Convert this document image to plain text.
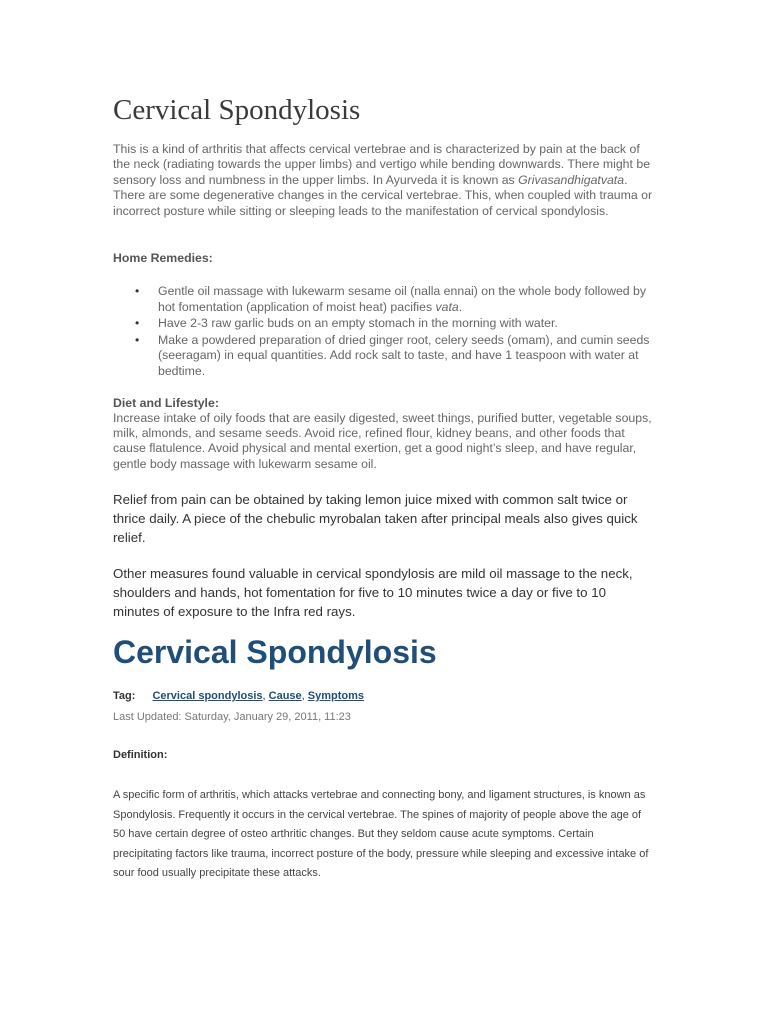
Cervical Spondylosis

This is a kind of arthritis that affects cervical vertebrae and is characterized by pain at the back of the neck (radiating towards the upper limbs) and vertigo while bending downwards. There might be sensory loss and numbness in the upper limbs. In Ayurveda it is known as Grivasandhigatvata. There are some degenerative changes in the cervical vertebrae. This, when coupled with trauma or incorrect posture while sitting or sleeping leads to the manifestation of cervical spondylosis.

Home Remedies:

• Gentle oil massage with lukewarm sesame oil (nalla ennai) on the whole body followed by hot fomentation (application of moist heat) pacifies vata.
• Have 2-3 raw garlic buds on an empty stomach in the morning with water.
• Make a powdered preparation of dried ginger root, celery seeds (omam), and cumin seeds (seeragam) in equal quantities. Add rock salt to taste, and have 1 teaspoon with water at bedtime.

Diet and Lifestyle:

Increase intake of oily foods that are easily digested, sweet things, purified butter, vegetable soups, milk, almonds, and sesame seeds. Avoid rice, refined flour, kidney beans, and other foods that cause flatulence. Avoid physical and mental exertion, get a good night’s sleep, and have regular, gentle body massage with lukewarm sesame oil.

Relief from pain can be obtained by taking lemon juice mixed with common salt twice or thrice daily. A piece of the chebulic myrobalan taken after principal meals also gives quick relief.

Other measures found valuable in cervical spondylosis are mild oil massage to the neck, shoulders and hands, hot fomentation for five to 10 minutes twice a day or five to 10 minutes of exposure to the Infra red rays.

Cervical Spondylosis
Tag: Cervical spondylosis, Cause, Symptoms
Last Updated: Saturday, January 29, 2011, 11:23
Definition:

A specific form of arthritis, which attacks vertebrae and connecting bony, and ligament structures, is known as Spondylosis. Frequently it occurs in the cervical vertebrae. The spines of majority of people above the age of 50 have certain degree of osteo arthritic changes. But they seldom cause acute symptoms. Certain precipitating factors like trauma, incorrect posture of the body, pressure while sleeping and excessive intake of sour food usually precipitate these attacks.
